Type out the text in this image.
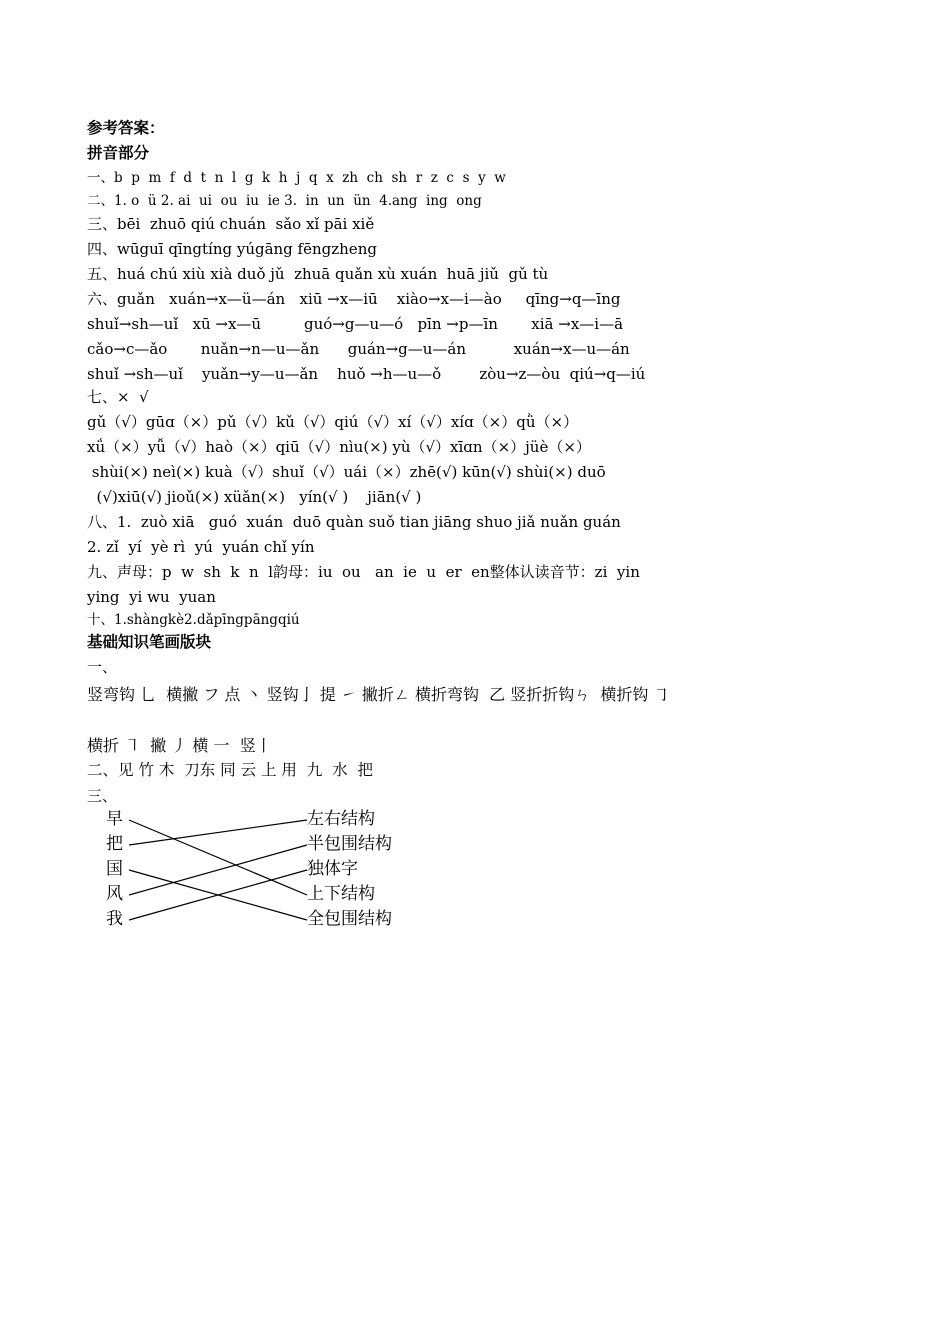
参考答案：
拼音部分
一、b  p  m  f  d  t  n  l  g  k  h  j  q  x  zh  ch  sh  r  z  c  s  y  w
二、1. o  ü 2. ai  ui  ou  iu  ie 3.  in  un  ün  4.ang  ing  ong
三、bēi  zhuō qiú chuán  sǎo xǐ pāi xiě
四、wūguī qīngtíng yúgāng fēngzheng
五、huá chú xiù xià duǒ jǔ  zhuā quǎn xù xuán  huā jiǔ  gǔ tù
六、guǎn   xuán→x—ü—án   xiū →x—iū    xiào→x—i—ào     qīng→q—īng
shuǐ→sh—uǐ   xū →x—ū         guó→g—u—ó   pīn →p—īn       xiā →x—i—ā
cǎo→c—ǎo       nuǎn→n—u—ǎn      guán→g—u—án          xuán→x—u—án
shuǐ →sh—uǐ    yuǎn→y—u—ǎn    huǒ →h—u—ǒ        zòu→z—òu  qiú→q—iú
七、×  √
gǔ（√）gūɑ（×）pǔ（√）kǔ（√）qiú（√）xí（√）xíɑ（×）qǜ（×）
xǘ（×）yǚ（√）haò（×）qiū（√）nìu(×) yù（√）xīɑn（×）jüè（×）
shùi(×) neì(×) kuà（√）shuǐ（√）uái（×）zhē(√) kūn(√) shùi(×) duō
(√)xiū(√) jioǔ(×) xüǎn(×)   yín(√ )    jiān(√ )
八、1.  zuò xiā   guó  xuán  duō quàn suǒ tian jiāng shuo jiǎ nuǎn guán
2. zǐ  yí  yè rì  yú  yuán chǐ yín
九、声母：p  w  sh  k  n  l韵母：iu  ou   an  ie  u  er  en整体认读音节：zi  yin
ying  yi wu  yuan
十、1.shàngkè2.dǎpīngpāngqiú
基础知识笔画版块
一、
竖弯钩 乚  横撇 フ 点 丶 竖钩亅 提 ㇀ 撇折ㄥ 横折弯钩  乙 竖折折钩ㄣ  横折钩 ㇆
横折 ㇕  撇 丿 横 一  竖丨
二、见 竹 木  刀东 同 云 上 用  九  水  把
三、
早
把
国
风
我
左右结构
半包围结构
独体字
上下结构
全包围结构
